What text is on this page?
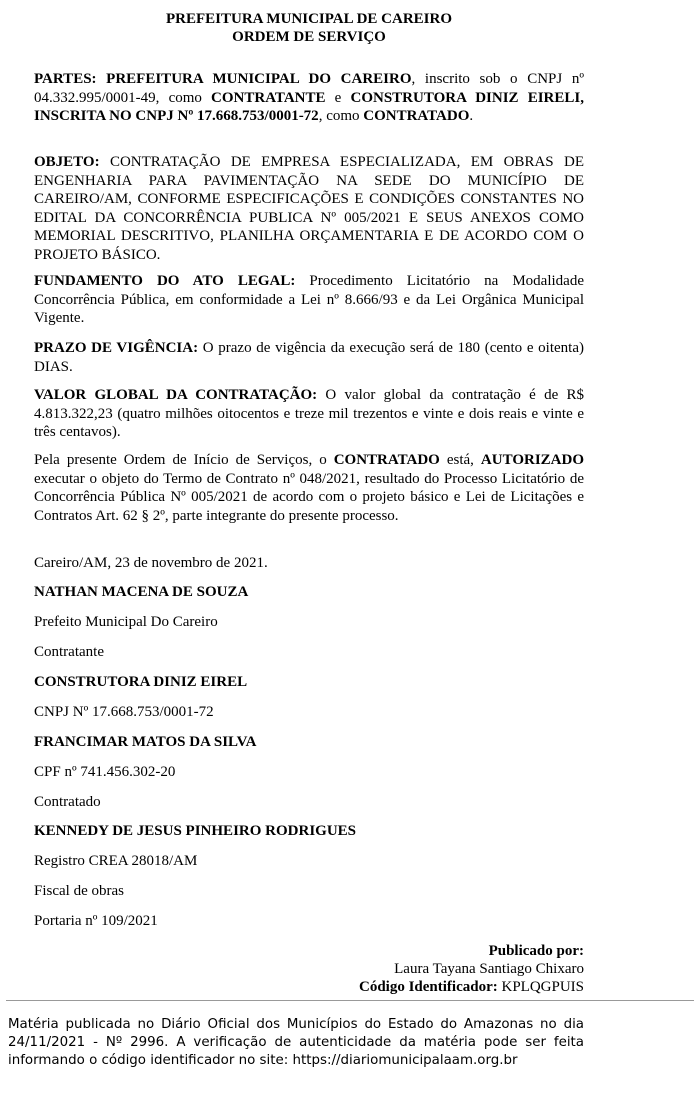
PREFEITURA MUNICIPAL DE CAREIRO
ORDEM DE SERVIÇO

PARTES: PREFEITURA MUNICIPAL DO CAREIRO, inscrito sob o CNPJ nº 04.332.995/0001-49, como CONTRATANTE e CONSTRUTORA DINIZ EIRELI, INSCRITA NO CNPJ Nº 17.668.753/0001-72, como CONTRATADO.

OBJETO: CONTRATAÇÃO DE EMPRESA ESPECIALIZADA, EM OBRAS DE ENGENHARIA PARA PAVIMENTAÇÃO NA SEDE DO MUNICÍPIO DE CAREIRO/AM, CONFORME ESPECIFICAÇÕES E CONDIÇÕES CONSTANTES NO EDITAL DA CONCORRÊNCIA PUBLICA Nº 005/2021 E SEUS ANEXOS COMO MEMORIAL DESCRITIVO, PLANILHA ORÇAMENTARIA E DE ACORDO COM O PROJETO BÁSICO.

FUNDAMENTO DO ATO LEGAL: Procedimento Licitatório na Modalidade Concorrência Pública, em conformidade a Lei nº 8.666/93 e da Lei Orgânica Municipal Vigente.

PRAZO DE VIGÊNCIA: O prazo de vigência da execução será de 180 (cento e oitenta) DIAS.

VALOR GLOBAL DA CONTRATAÇÃO: O valor global da contratação é de R$ 4.813.322,23 (quatro milhões oitocentos e treze mil trezentos e vinte e dois reais e vinte e três centavos).

Pela presente Ordem de Início de Serviços, o CONTRATADO está, AUTORIZADO executar o objeto do Termo de Contrato nº 048/2021, resultado do Processo Licitatório de Concorrência Pública Nº 005/2021 de acordo com o projeto básico e Lei de Licitações e Contratos Art. 62 § 2º, parte integrante do presente processo.

Careiro/AM, 23 de novembro de 2021.
NATHAN MACENA DE SOUZA
Prefeito Municipal Do Careiro
Contratante
CONSTRUTORA DINIZ EIREL
CNPJ Nº 17.668.753/0001-72
FRANCIMAR MATOS DA SILVA
CPF nº 741.456.302-20
Contratado
KENNEDY DE JESUS PINHEIRO RODRIGUES
Registro CREA 28018/AM
Fiscal de obras
Portaria nº 109/2021
Publicado por:
Laura Tayana Santiago Chixaro
Código Identificador: KPLQGPUIS
Matéria publicada no Diário Oficial dos Municípios do Estado do Amazonas no dia 24/11/2021 - Nº 2996. A verificação de autenticidade da matéria pode ser feita informando o código identificador no site: https://diariomunicipalaam.org.br
